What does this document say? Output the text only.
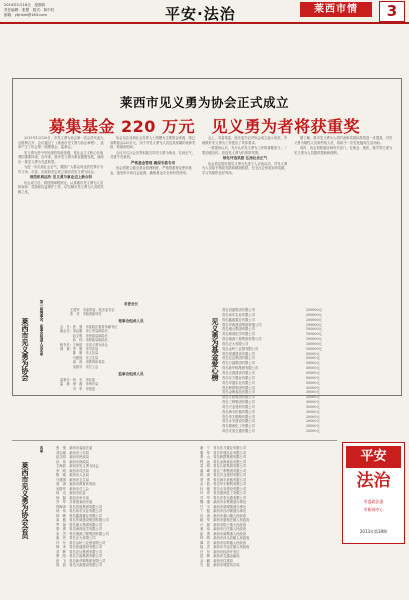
2014年1月16日　星期四
责任编辑：张慧　版式：林中旺
邮箱：ytjrlxrb@163.com	平安·法治	莱西市情	3
莱西市见义勇为协会正式成立
募集基金 220 万元　见义勇为者将获重奖

2013年12月26日，市见义勇为协会第一次会员代表大会胜利召开，会议通过了《莱西市见义勇为协会章程》，选举产生了协会第一届理事会、监事会。

见义勇为是中华民族的传统美德，是社会主义核心价值观的重要体现。近年来，我市见义勇为事业健康发展，涌现出一批见义勇为先进典型。

为进一步弘扬社会正气，激励广大群众同违法犯罪行为作斗争，市委、市政府决定成立莱西市见义勇为协会。

规范机构运作 见义勇为事业迈上新台阶

协会成立后，将按照章程规定，认真做好见义勇为人员的表彰、奖励和权益保护工作，切实解决见义勇为人员的后顾之忧。

协会以企业和社会各界人士捐赠为主要资金来源，现已募集基金220万元，用于对见义勇为人员及其家属的表彰奖励、救助和慰问。

会议号召社会各界积极支持见义勇为事业，弘扬正气，共建平安莱西。

严格基金管理 确保专款专用

协会将建立健全基金管理制度，严格按照规定使用基金，接受审计和社会监督，确保基金安全和有效使用。

会上，市委常委、政法委书记对协会成立表示祝贺，并就做好见义勇为工作提出了具体要求。

一要提高认识，充分认识见义勇为工作的重要意义；二要加强宣传，营造见义勇为的浓厚氛围。

细化评选奖励 弘扬社会正气

协会将定期开展见义勇为先进个人评选活动，对见义勇为人员给予物质奖励和精神鼓励，在全社会形成崇尚英雄、学习英雄的良好风尚。

据了解，我市见义勇为人员的表彰奖励标准将进一步提高，对见义勇为牺牲人员和伤残人员，将给予一次性抚恤和生活补助。

同时，协会将积极协调有关部门，在就业、就医、就学等方面为见义勇为人员提供帮助和便利。

第一届理事会、监事会组成人员名单
莱西市见义勇为协会
名誉会长
王建军　市委常委、政法委书记
张　东　市政府副市长
理事会组成人员
会　长：张　强　市委政法委常务副书记
副会长：刘志刚　市公安局副局长
　　　　赵文明　市民政局副局长
　　　　孙　伟　市财政局副局长
秘书长：王海波　市见义勇为协会
理　事：李　明　市司法局
　　　　陈　刚　市人社局
　　　　马建国　市卫生局
　　　　周　涛　市教育体育局
　　　　吴振华　市总工会
监事会组成人员
监事长：杨　光　市纪委
监　事：徐　磊　市审计局
　　　　冯　军　市团委
见义勇为基金爱心榜
青岛昌盛集团有限公司	200000元
青岛伟东实业有限公司	200000元
青岛鑫盛置业有限公司	200000元
青岛华威建设集团有限公司	200000元
青岛康大集团有限公司	100000元
青岛海湾化学有限公司	100000元
青岛瑞源工程集团有限公司	100000元
青岛正大有限公司	100000元
青岛金岭工业园有限公司	100000元
青岛恒通建设有限公司	50000元
青岛宏达集团有限公司	50000元
青岛万福集团有限公司	50000元
青岛新华锦集团有限公司	50000元
青岛天源建设有限公司	50000元
青岛东方置业有限公司	50000元
青岛华通实业有限公司	50000元
青岛利群集团有限公司	50000元
青岛金海食品有限公司	30000元
青岛九联集团有限公司	30000元
青岛三利集团有限公司	30000元
青岛兴业建材有限公司	30000元
青岛海丰机械有限公司	30000元
青岛华宇钢构有限公司	20000元
青岛永安建设有限公司	20000元
青岛德润化工有限公司	20000元
青岛安泰交通有限公司	20000元
名单
莱西市见义勇为协会会员
张　强　莱西市委政法委
刘志刚　莱西市公安局
赵文明　莱西市民政局
孙　伟　莱西市财政局
王海波　莱西市见义勇为协会
李　明　莱西市司法局
陈　刚　莱西市人社局
马建国　莱西市卫生局
周　涛　莱西市教育体育局
吴振华　莱西市总工会
杨　光　莱西市纪委
徐　磊　莱西市审计局
冯　军　共青团莱西市委
郑海涛　青岛昌盛集团有限公司
何　伟　青岛伟东实业有限公司
林　峰　青岛鑫盛置业有限公司
高　健　青岛华威建设集团有限公司
罗　斌　青岛康大集团有限公司
梁　勇　青岛海湾化学有限公司
宋　杰　青岛瑞源工程集团有限公司
唐　亮　青岛正大有限公司
许　东　青岛金岭工业园有限公司
韩　冰　青岛恒通建设有限公司
邓　辉　青岛宏达集团有限公司
曹　阳　青岛万福集团有限公司
彭　飞　青岛新华锦集团有限公司
曾　凯　青岛天源建设有限公司
谢　宁　青岛东方置业有限公司
董　军　青岛华通实业有限公司
萧　山　青岛利群集团有限公司
程　远　青岛金海食品有限公司
袁　明　青岛九联集团有限公司
潘　峰　青岛三利集团有限公司
蒋　涛　青岛兴业建材有限公司
蔡　勇　青岛海丰机械有限公司
余　波　青岛华宇钢构有限公司
杜　刚　青岛永安建设有限公司
叶　青　青岛德润化工有限公司
苏　华　青岛安泰交通有限公司
魏　强　莱西市水集街道办事处
吕　平　莱西市望城街道办事处
丁　磊　莱西市沽河街道办事处
沈　涛　莱西市姜山镇人民政府
姚　军　莱西市夏格庄镇人民政府
卢　斌　莱西市院上镇人民政府
姜　伟　莱西市日庄镇人民政府
崔　勇　莱西市南墅镇人民政府
钟　明　莱西市河头店镇人民政府
谭　亮　莱西市店埠镇人民政府
陆　杰　莱西市马连庄镇人民政府
汪　东　莱西市经济开发区
范　辉　莱西市交通运输局
金　鹏　莱西市住建局
石　磊　莱西市城管执法局
平安
法治
市委政法委
市新闻中心
2013年第39期
